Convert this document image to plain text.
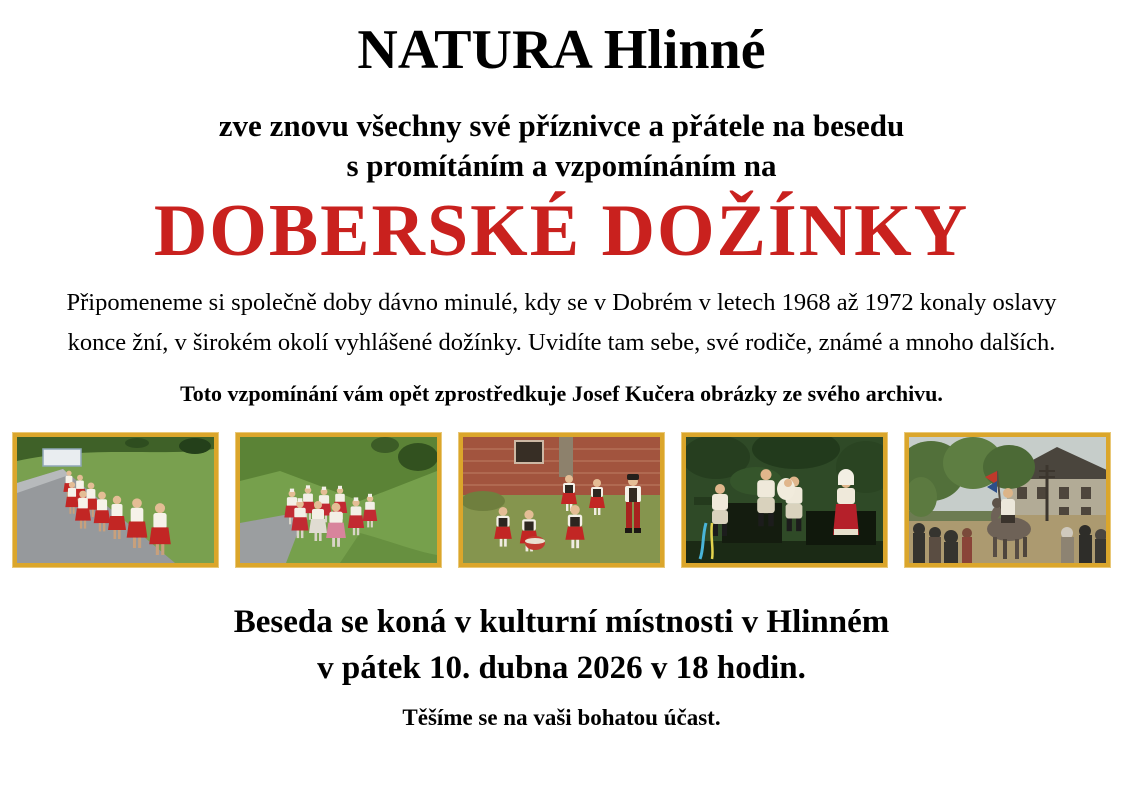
NATURA Hlinné
zve znovu všechny své příznivce a přátele na besedu
s promítáním a vzpomínáním na
DOBERSKÉ DOŽÍNKY
Připomeneme si společně doby dávno minulé, kdy se v Dobrém v letech 1968 až 1972 konaly oslavy
konce žní, v širokém okolí vyhlášené dožínky. Uvidíte tam sebe, své rodiče, známé a mnoho dalších.
Toto vzpomínání vám opět zprostředkuje Josef Kučera obrázky ze svého archivu.
Beseda se koná v kulturní místnosti v Hlinném
v pátek 10. dubna 2026 v 18 hodin.
Těšíme se na vaši bohatou účast.
